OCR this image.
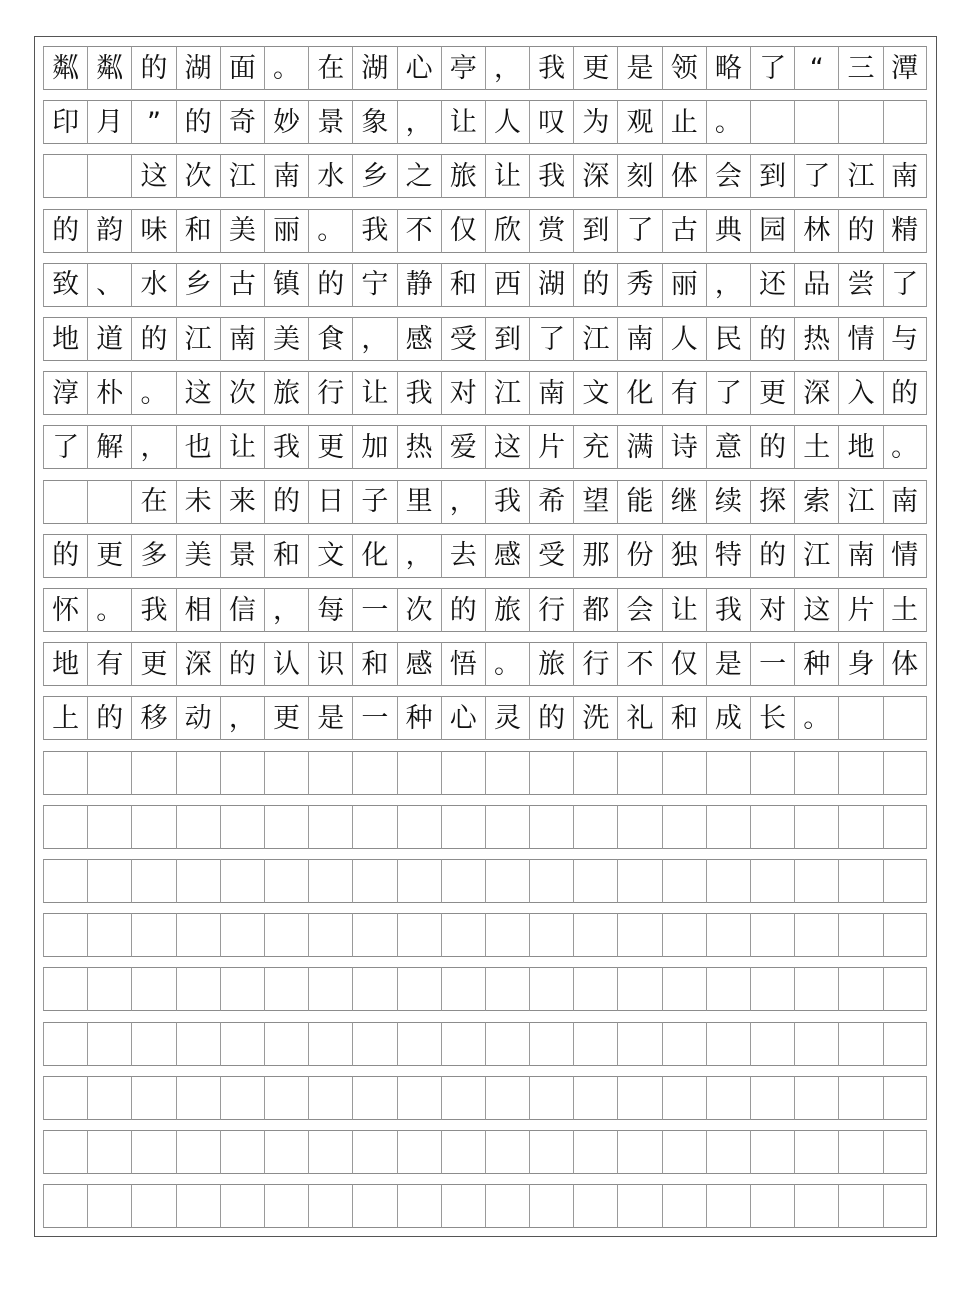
粼 粼 的 湖 面 。 在 湖 心 亭 ， 我 更 是 领 略 了 “ 三 潭
印 月 ” 的 奇 妙 景 象 ， 让 人 叹 为 观 止 。
这 次 江 南 水 乡 之 旅 让 我 深 刻 体 会 到 了 江 南
的 韵 味 和 美 丽 。 我 不 仅 欣 赏 到 了 古 典 园 林 的 精
致 、 水 乡 古 镇 的 宁 静 和 西 湖 的 秀 丽 ， 还 品 尝 了
地 道 的 江 南 美 食 ， 感 受 到 了 江 南 人 民 的 热 情 与
淳 朴 。 这 次 旅 行 让 我 对 江 南 文 化 有 了 更 深 入 的
了 解 ， 也 让 我 更 加 热 爱 这 片 充 满 诗 意 的 土 地 。
在 未 来 的 日 子 里 ， 我 希 望 能 继 续 探 索 江 南
的 更 多 美 景 和 文 化 ， 去 感 受 那 份 独 特 的 江 南 情
怀 。 我 相 信 ， 每 一 次 的 旅 行 都 会 让 我 对 这 片 土
地 有 更 深 的 认 识 和 感 悟 。 旅 行 不 仅 是 一 种 身 体
上 的 移 动 ， 更 是 一 种 心 灵 的 洗 礼 和 成 长 。
